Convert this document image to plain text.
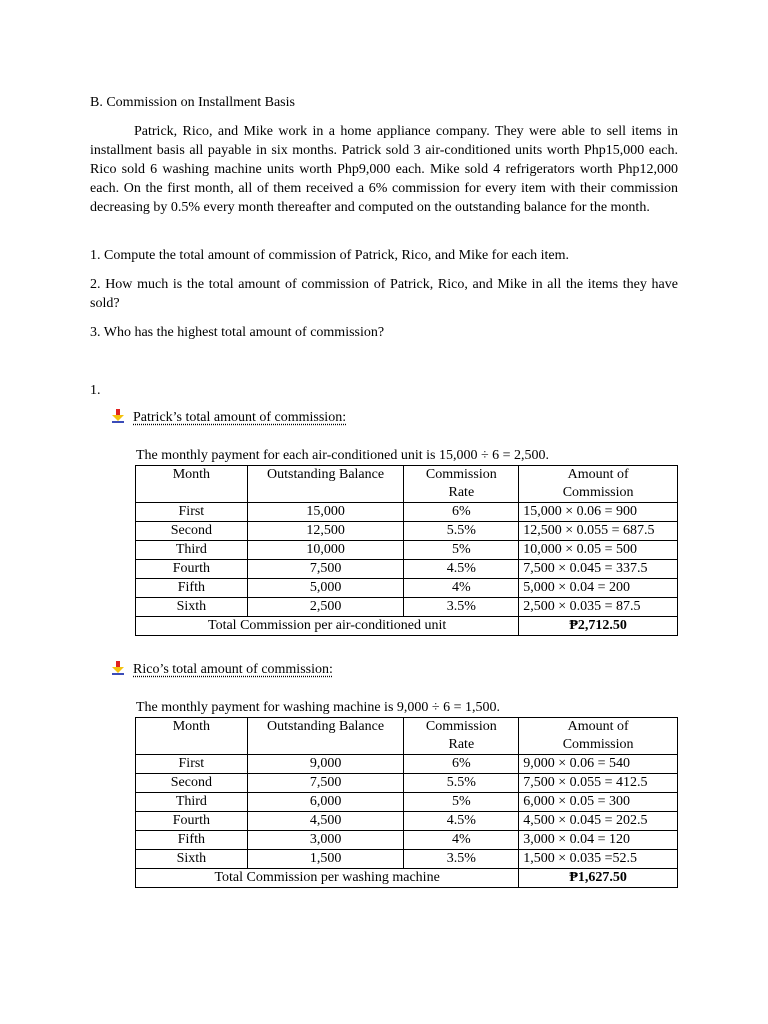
B. Commission on Installment Basis
Patrick, Rico, and Mike work in a home appliance company. They were able to sell items in installment basis all payable in six months. Patrick sold 3 air-conditioned units worth Php15,000 each. Rico sold 6 washing machine units worth Php9,000 each. Mike sold 4 refrigerators worth Php12,000 each. On the first month, all of them received a 6% commission for every item with their commission decreasing by 0.5% every month thereafter and computed on the outstanding balance for the month.
1. Compute the total amount of commission of Patrick, Rico, and Mike for each item.
2. How much is the total amount of commission of Patrick, Rico, and Mike in all the items they have sold?
3. Who has the highest total amount of commission?
1.
Patrick’s total amount of commission:
The monthly payment for each air-conditioned unit is 15,000 ÷ 6 = 2,500.
Month	Outstanding Balance	Commission Rate	Amount of Commission
First	15,000	6%	15,000 × 0.06 = 900
Second	12,500	5.5%	12,500 × 0.055 = 687.5
Third	10,000	5%	10,000 × 0.05 = 500
Fourth	7,500	4.5%	7,500 × 0.045 = 337.5
Fifth	5,000	4%	5,000 × 0.04 = 200
Sixth	2,500	3.5%	2,500 × 0.035 = 87.5
Total Commission per air-conditioned unit			₱2,712.50
Rico’s total amount of commission:
The monthly payment for washing machine is 9,000 ÷ 6 = 1,500.
Month	Outstanding Balance	Commission Rate	Amount of Commission
First	9,000	6%	9,000 × 0.06 = 540
Second	7,500	5.5%	7,500 × 0.055 = 412.5
Third	6,000	5%	6,000 × 0.05 = 300
Fourth	4,500	4.5%	4,500 × 0.045 = 202.5
Fifth	3,000	4%	3,000 × 0.04 = 120
Sixth	1,500	3.5%	1,500 × 0.035 =52.5
Total Commission per washing machine			₱1,627.50
